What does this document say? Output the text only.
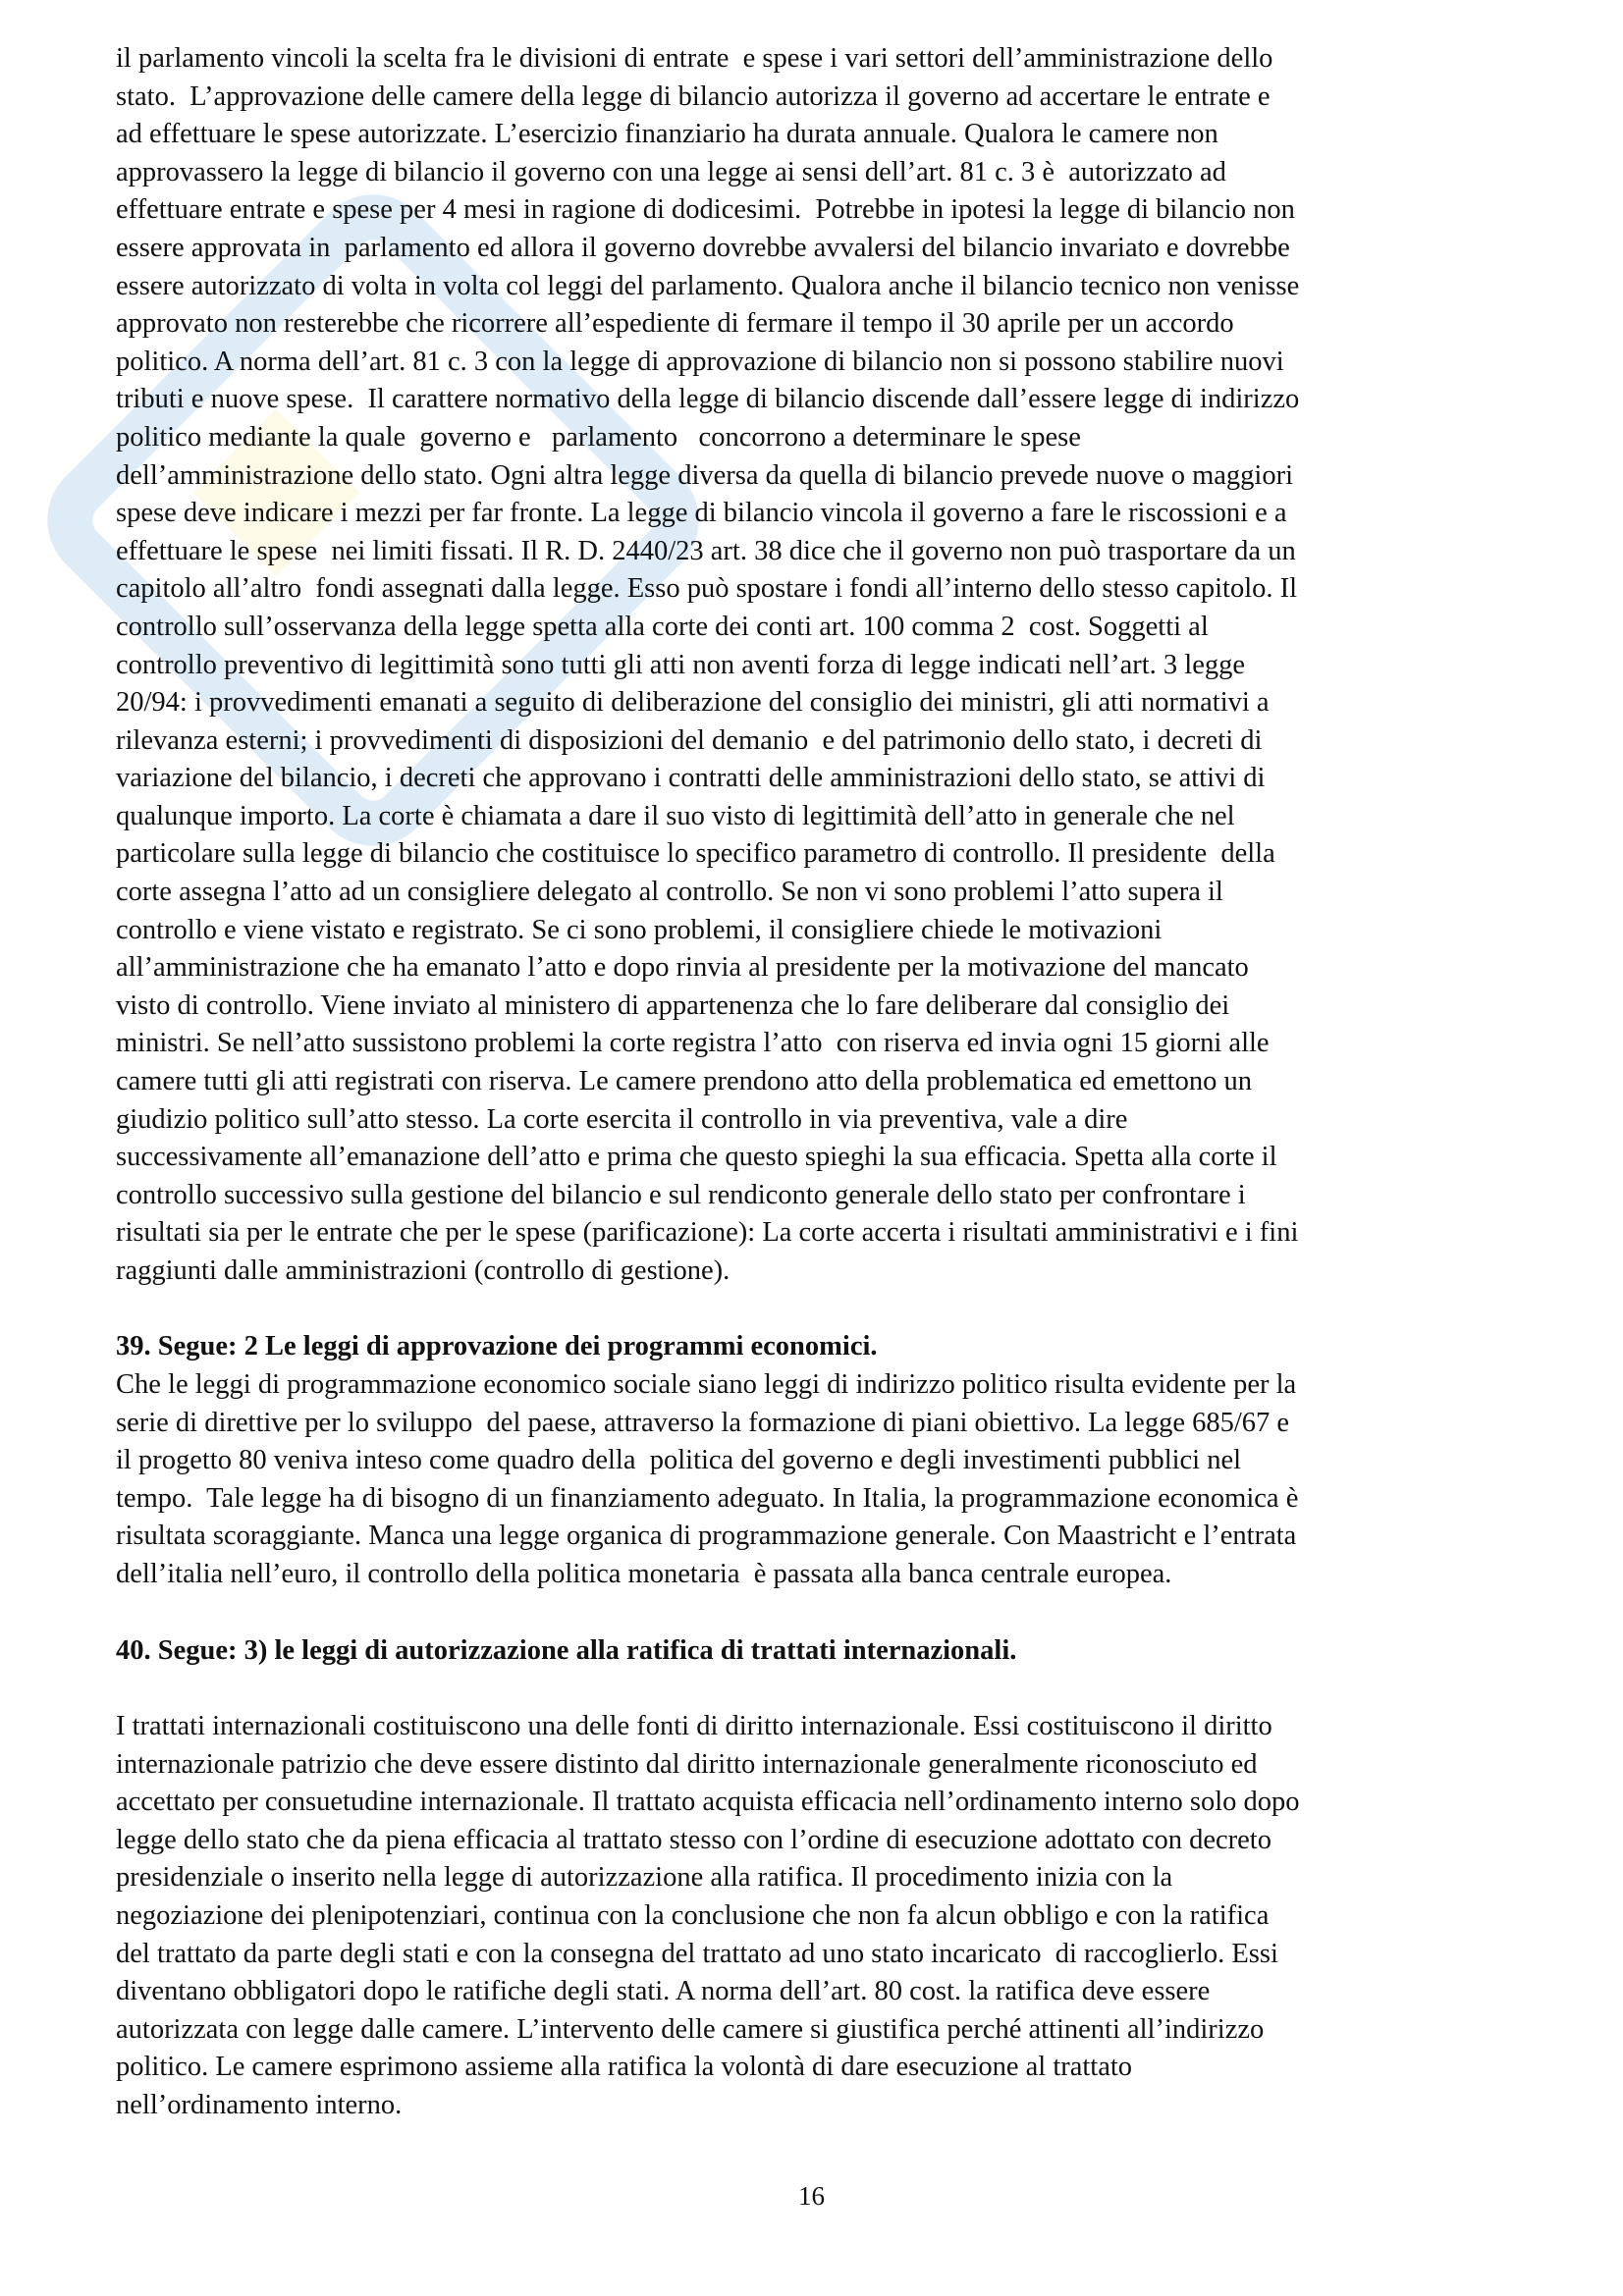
il parlamento vincoli la scelta fra le divisioni di entrate  e spese i vari settori dell’amministrazione dello
stato.  L’approvazione delle camere della legge di bilancio autorizza il governo ad accertare le entrate e
ad effettuare le spese autorizzate. L’esercizio finanziario ha durata annuale. Qualora le camere non
approvassero la legge di bilancio il governo con una legge ai sensi dell’art. 81 c. 3 è  autorizzato ad
effettuare entrate e spese per 4 mesi in ragione di dodicesimi.  Potrebbe in ipotesi la legge di bilancio non
essere approvata in  parlamento ed allora il governo dovrebbe avvalersi del bilancio invariato e dovrebbe
essere autorizzato di volta in volta col leggi del parlamento. Qualora anche il bilancio tecnico non venisse
approvato non resterebbe che ricorrere all’espediente di fermare il tempo il 30 aprile per un accordo
politico. A norma dell’art. 81 c. 3 con la legge di approvazione di bilancio non si possono stabilire nuovi
tributi e nuove spese.  Il carattere normativo della legge di bilancio discende dall’essere legge di indirizzo
politico mediante la quale  governo e   parlamento   concorrono a determinare le spese
dell’amministrazione dello stato. Ogni altra legge diversa da quella di bilancio prevede nuove o maggiori
spese deve indicare i mezzi per far fronte. La legge di bilancio vincola il governo a fare le riscossioni e a
effettuare le spese  nei limiti fissati. Il R. D. 2440/23 art. 38 dice che il governo non può trasportare da un
capitolo all’altro  fondi assegnati dalla legge. Esso può spostare i fondi all’interno dello stesso capitolo. Il
controllo sull’osservanza della legge spetta alla corte dei conti art. 100 comma 2  cost. Soggetti al
controllo preventivo di legittimità sono tutti gli atti non aventi forza di legge indicati nell’art. 3 legge
20/94: i provvedimenti emanati a seguito di deliberazione del consiglio dei ministri, gli atti normativi a
rilevanza esterni; i provvedimenti di disposizioni del demanio  e del patrimonio dello stato, i decreti di
variazione del bilancio, i decreti che approvano i contratti delle amministrazioni dello stato, se attivi di
qualunque importo. La corte è chiamata a dare il suo visto di legittimità dell’atto in generale che nel
particolare sulla legge di bilancio che costituisce lo specifico parametro di controllo. Il presidente  della
corte assegna l’atto ad un consigliere delegato al controllo. Se non vi sono problemi l’atto supera il
controllo e viene vistato e registrato. Se ci sono problemi, il consigliere chiede le motivazioni
all’amministrazione che ha emanato l’atto e dopo rinvia al presidente per la motivazione del mancato
visto di controllo. Viene inviato al ministero di appartenenza che lo fare deliberare dal consiglio dei
ministri. Se nell’atto sussistono problemi la corte registra l’atto  con riserva ed invia ogni 15 giorni alle
camere tutti gli atti registrati con riserva. Le camere prendono atto della problematica ed emettono un
giudizio politico sull’atto stesso. La corte esercita il controllo in via preventiva, vale a dire
successivamente all’emanazione dell’atto e prima che questo spieghi la sua efficacia. Spetta alla corte il
controllo successivo sulla gestione del bilancio e sul rendiconto generale dello stato per confrontare i
risultati sia per le entrate che per le spese (parificazione): La corte accerta i risultati amministrativi e i fini
raggiunti dalle amministrazioni (controllo di gestione).
39. Segue: 2 Le leggi di approvazione dei programmi economici.
Che le leggi di programmazione economico sociale siano leggi di indirizzo politico risulta evidente per la
serie di direttive per lo sviluppo  del paese, attraverso la formazione di piani obiettivo. La legge 685/67 e
il progetto 80 veniva inteso come quadro della  politica del governo e degli investimenti pubblici nel
tempo.  Tale legge ha di bisogno di un finanziamento adeguato. In Italia, la programmazione economica è
risultata scoraggiante. Manca una legge organica di programmazione generale. Con Maastricht e l’entrata
dell’italia nell’euro, il controllo della politica monetaria  è passata alla banca centrale europea.
40. Segue: 3) le leggi di autorizzazione alla ratifica di trattati internazionali.
I trattati internazionali costituiscono una delle fonti di diritto internazionale. Essi costituiscono il diritto
internazionale patrizio che deve essere distinto dal diritto internazionale generalmente riconosciuto ed
accettato per consuetudine internazionale. Il trattato acquista efficacia nell’ordinamento interno solo dopo
legge dello stato che da piena efficacia al trattato stesso con l’ordine di esecuzione adottato con decreto
presidenziale o inserito nella legge di autorizzazione alla ratifica. Il procedimento inizia con la
negoziazione dei plenipotenziari, continua con la conclusione che non fa alcun obbligo e con la ratifica
del trattato da parte degli stati e con la consegna del trattato ad uno stato incaricato  di raccoglierlo. Essi
diventano obbligatori dopo le ratifiche degli stati. A norma dell’art. 80 cost. la ratifica deve essere
autorizzata con legge dalle camere. L’intervento delle camere si giustifica perché attinenti all’indirizzo
politico. Le camere esprimono assieme alla ratifica la volontà di dare esecuzione al trattato
nell’ordinamento interno.
16
